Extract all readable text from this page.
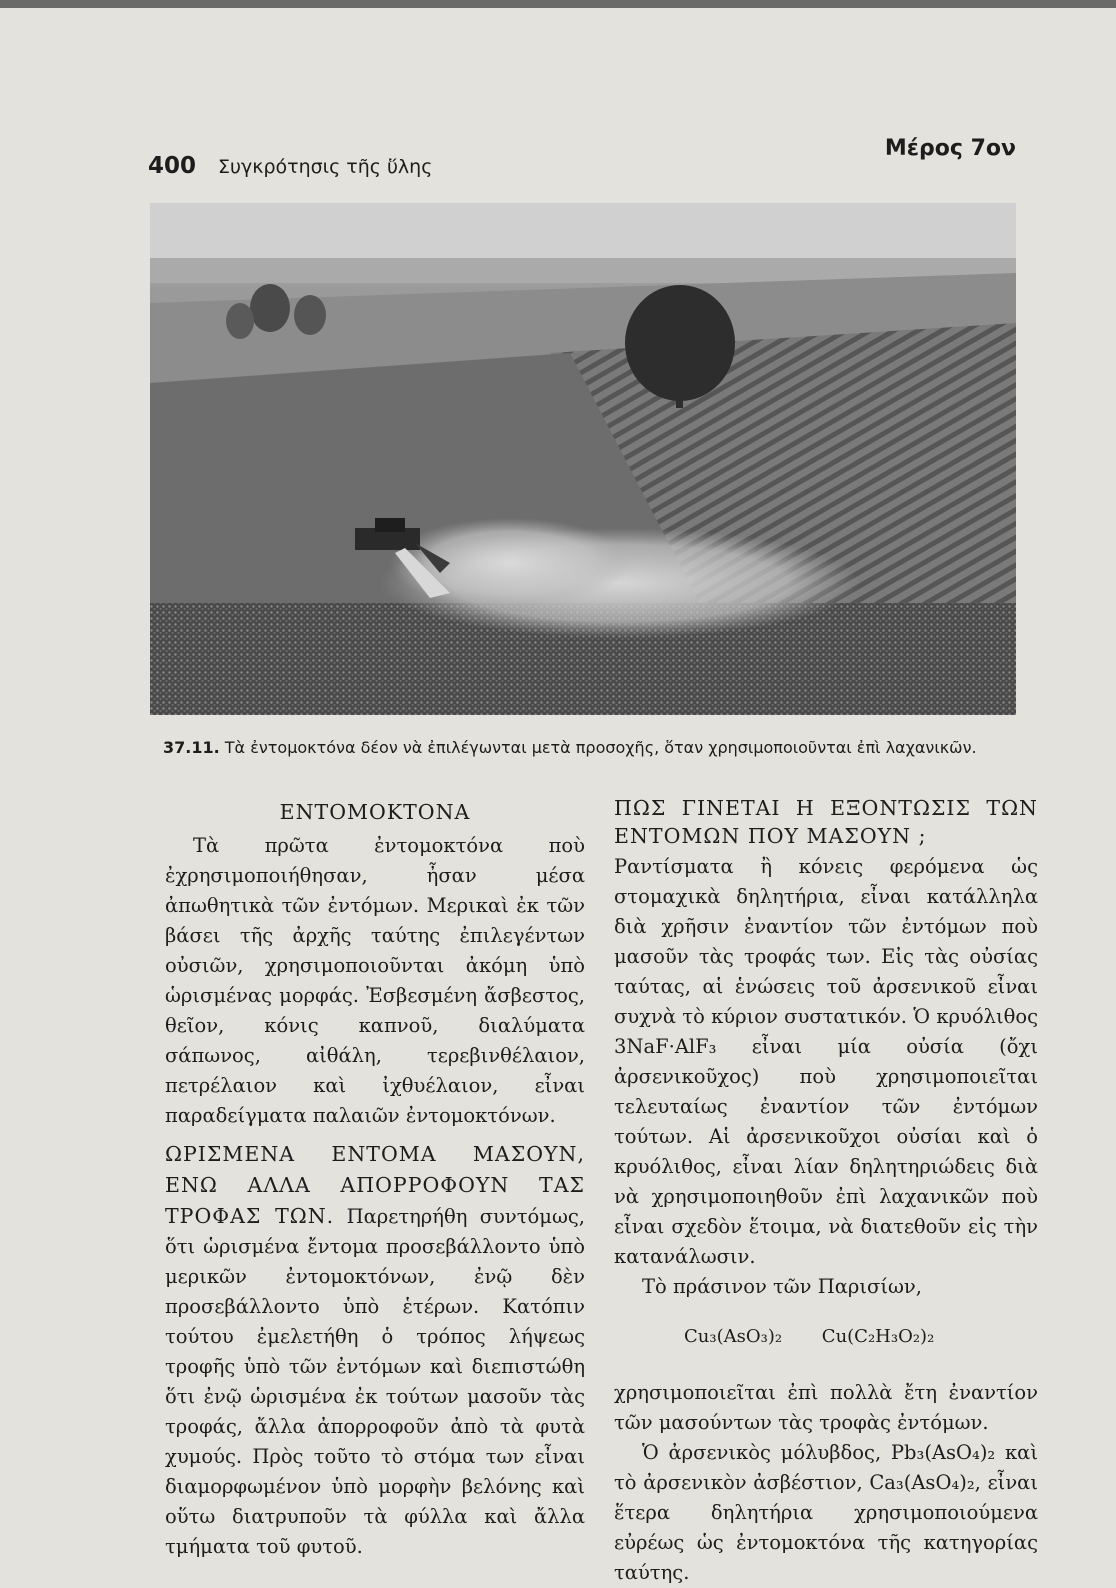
400 Συγκρότησις τῆς ὕλης
Μέρος 7ον
37.11. Τὰ ἐντομοκτόνα δέον νὰ ἐπιλέγωνται μετὰ προσοχῆς, ὅταν χρησιμοποιοῦνται ἐπὶ λαχανικῶν.
ΕΝΤΟΜΟΚΤΟΝΑ

Τὰ πρῶτα ἐντομοκτόνα ποὺ ἐχρησιμοποιήθησαν, ἦσαν μέσα ἀπωθητικὰ τῶν ἐντόμων. Μερικαὶ ἐκ τῶν βάσει τῆς ἀρχῆς ταύτης ἐπιλεγέντων οὐσιῶν, χρησιμοποιοῦνται ἀκόμη ὑπὸ ὡρισμένας μορφάς. Ἐσβεσμένη ἄσβεστος, θεῖον, κόνις καπνοῦ, διαλύματα σάπωνος, αἰθάλη, τερεβινθέλαιον, πετρέλαιον καὶ ἰχθυέλαιον, εἶναι παραδείγματα παλαιῶν ἐντομοκτόνων.

ΩΡΙΣΜΕΝΑ ΕΝΤΟΜΑ ΜΑΣΟΥΝ, ΕΝΩ ΑΛΛΑ ΑΠΟΡΡΟΦΟΥΝ ΤΑΣ ΤΡΟΦΑΣ ΤΩΝ. Παρετηρήθη συντόμως, ὅτι ὡρισμένα ἔντομα προσεβάλλοντο ὑπὸ μερικῶν ἐντομοκτόνων, ἐνῷ δὲν προσεβάλλοντο ὑπὸ ἑτέρων. Κατόπιν τούτου ἐμελετήθη ὁ τρόπος λήψεως τροφῆς ὑπὸ τῶν ἐντόμων καὶ διεπιστώθη ὅτι ἐνῷ ὡρισμένα ἐκ τούτων μασοῦν τὰς τροφάς, ἄλλα ἀπορροφοῦν ἀπὸ τὰ φυτὰ χυμούς. Πρὸς τοῦτο τὸ στόμα των εἶναι διαμορφωμένον ὑπὸ μορφὴν βελόνης καὶ οὕτω διατρυποῦν τὰ φύλλα καὶ ἄλλα τμήματα τοῦ φυτοῦ.

ΠΩΣ ΓΙΝΕΤΑΙ Η ΕΞΟΝΤΩΣΙΣ ΤΩΝ ΕΝΤΟΜΩΝ ΠΟΥ ΜΑΣΟΥΝ ;

Ραντίσματα ἢ κόνεις φερόμενα ὡς στομαχικὰ δηλητήρια, εἶναι κατάλληλα διὰ χρῆσιν ἐναντίον τῶν ἐντόμων ποὺ μασοῦν τὰς τροφάς των. Εἰς τὰς οὐσίας ταύτας, αἱ ἑνώσεις τοῦ ἀρσενικοῦ εἶναι συχνὰ τὸ κύριον συστατικόν. Ὁ κρυόλιθος 3NaF·AlF₃ εἶναι μία οὐσία (ὄχι ἀρσενικοῦχος) ποὺ χρησιμοποιεῖται τελευταίως ἐναντίον τῶν ἐντόμων τούτων. Αἱ ἀρσενικοῦχοι οὐσίαι καὶ ὁ κρυόλιθος, εἶναι λίαν δηλητηριώδεις διὰ νὰ χρησιμοποιηθοῦν ἐπὶ λαχανικῶν ποὺ εἶναι σχεδὸν ἕτοιμα, νὰ διατεθοῦν εἰς τὴν κατανάλωσιν.

Τὸ πράσινον τῶν Παρισίων,

Cu₃(AsO₃)₂ Cu(C₂H₃O₂)₂

χρησιμοποιεῖται ἐπὶ πολλὰ ἔτη ἐναντίον τῶν μασούντων τὰς τροφὰς ἐντόμων.

Ὁ ἀρσενικὸς μόλυβδος, Pb₃(AsO₄)₂ καὶ τὸ ἀρσενικὸν ἀσβέστιον, Ca₃(AsO₄)₂, εἶναι ἕτερα δηλητήρια χρησιμοποιούμενα εὐρέως ὡς ἐντομοκτόνα τῆς κατηγορίας ταύτης.
